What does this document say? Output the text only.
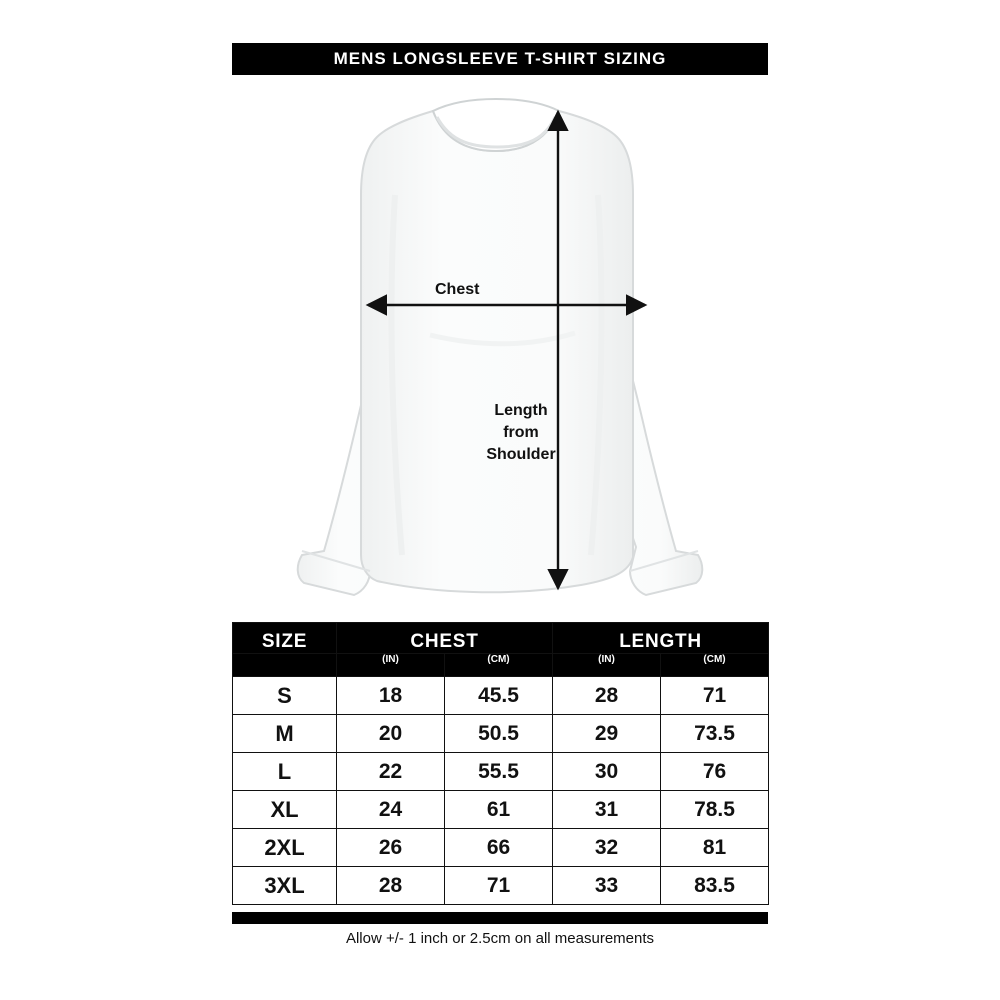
MENS LONGSLEEVE T-SHIRT SIZING
Chest
Length
from
Shoulder
SIZE	CHEST		LENGTH	
	(IN)	(CM)	(IN)	(CM)
S	18	45.5	28	71
M	20	50.5	29	73.5
L	22	55.5	30	76
XL	24	61	31	78.5
2XL	26	66	32	81
3XL	28	71	33	83.5
Allow +/- 1 inch or 2.5cm on all measurements
